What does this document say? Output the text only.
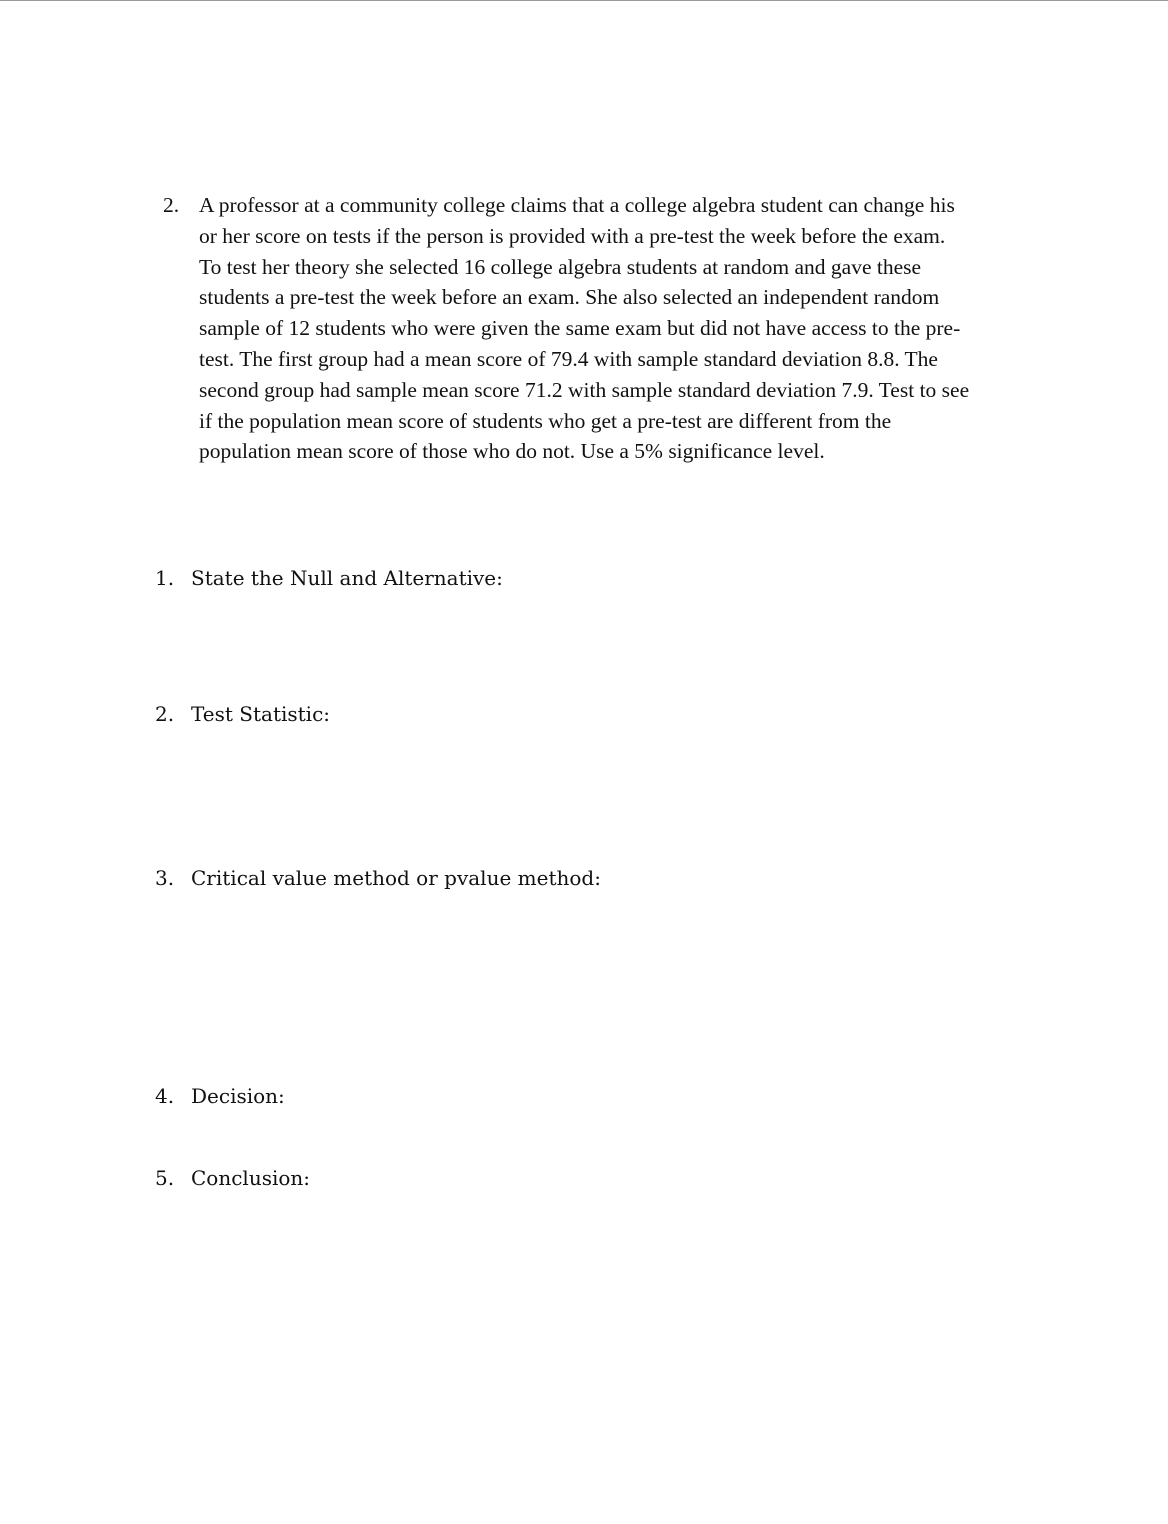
2. A professor at a community college claims that a college algebra student can change his
or her score on tests if the person is provided with a pre-test the week before the exam.
To test her theory she selected 16 college algebra students at random and gave these
students a pre-test the week before an exam. She also selected an independent random
sample of 12 students who were given the same exam but did not have access to the pre-
test. The first group had a mean score of 79.4 with sample standard deviation 8.8. The
second group had sample mean score 71.2 with sample standard deviation 7.9. Test to see
if the population mean score of students who get a pre-test are different from the
population mean score of those who do not. Use a 5% significance level.
1. State the Null and Alternative:
2. Test Statistic:
3. Critical value method or pvalue method:
4. Decision:
5. Conclusion:
